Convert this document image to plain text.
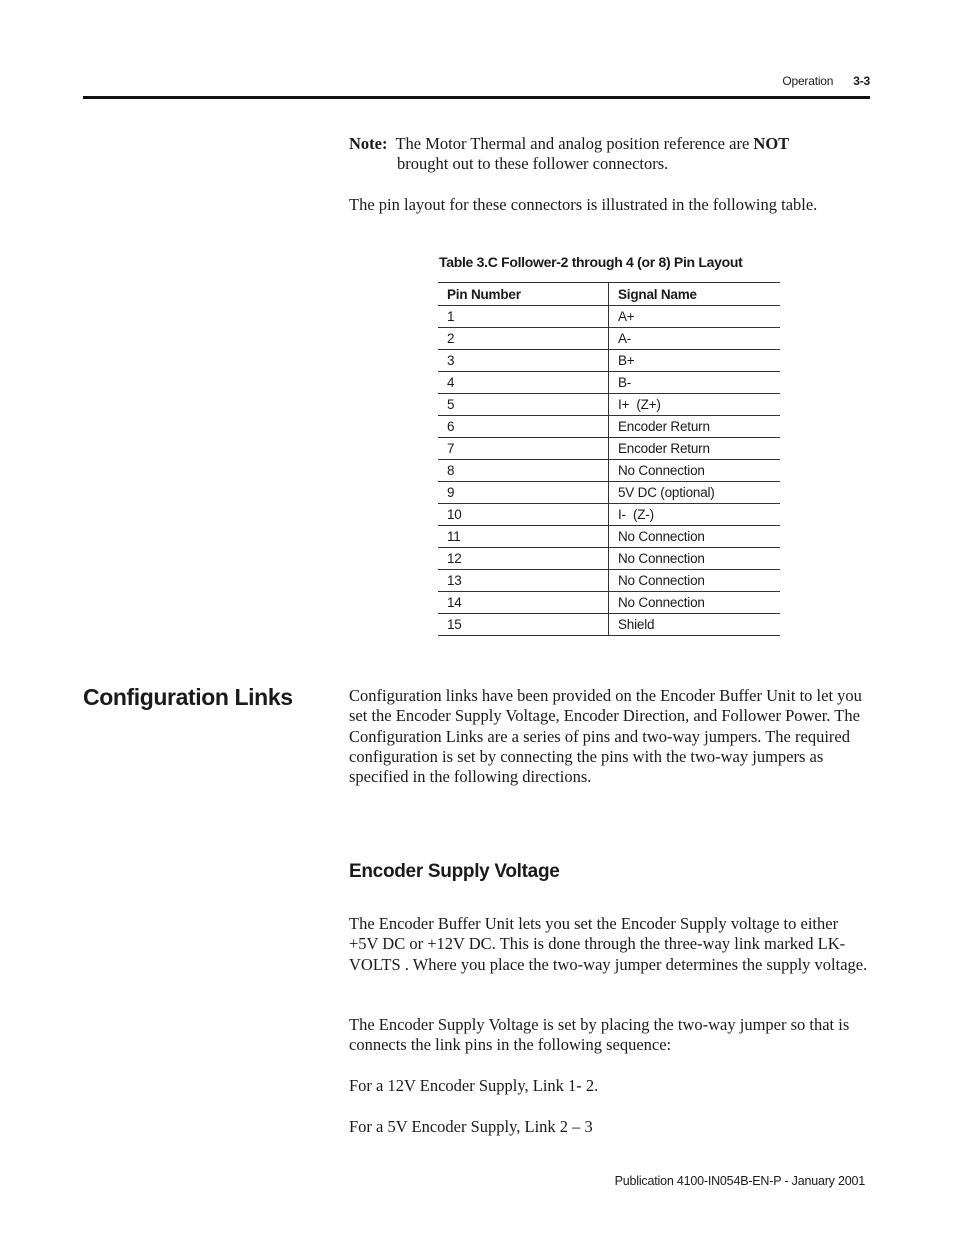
Operation 3-3
Note: The Motor Thermal and analog position reference are NOT
brought out to these follower connectors.
The pin layout for these connectors is illustrated in the following table.
Table 3.C Follower-2 through 4 (or 8) Pin Layout
Pin Number	Signal Name
1	A+
2	A-
3	B+
4	B-
5	I+  (Z+)
6	Encoder Return
7	Encoder Return
8	No Connection
9	5V DC (optional)
10	I-  (Z-)
11	No Connection
12	No Connection
13	No Connection
14	No Connection
15	Shield
Configuration Links	Configuration links have been provided on the Encoder Buffer Unit to let you set the Encoder Supply Voltage, Encoder Direction, and Follower Power. The Configuration Links are a series of pins and two-way jumpers. The required configuration is set by connecting the pins with the two-way jumpers as specified in the following directions.
Encoder Supply Voltage
The Encoder Buffer Unit lets you set the Encoder Supply voltage to either +5V DC or +12V DC. This is done through the three-way link marked LK-VOLTS . Where you place the two-way jumper determines the supply voltage.
The Encoder Supply Voltage is set by placing the two-way jumper so that is connects the link pins in the following sequence:
For a 12V Encoder Supply, Link 1- 2.
For a 5V Encoder Supply, Link 2 – 3
Publication 4100-IN054B-EN-P - January 2001
